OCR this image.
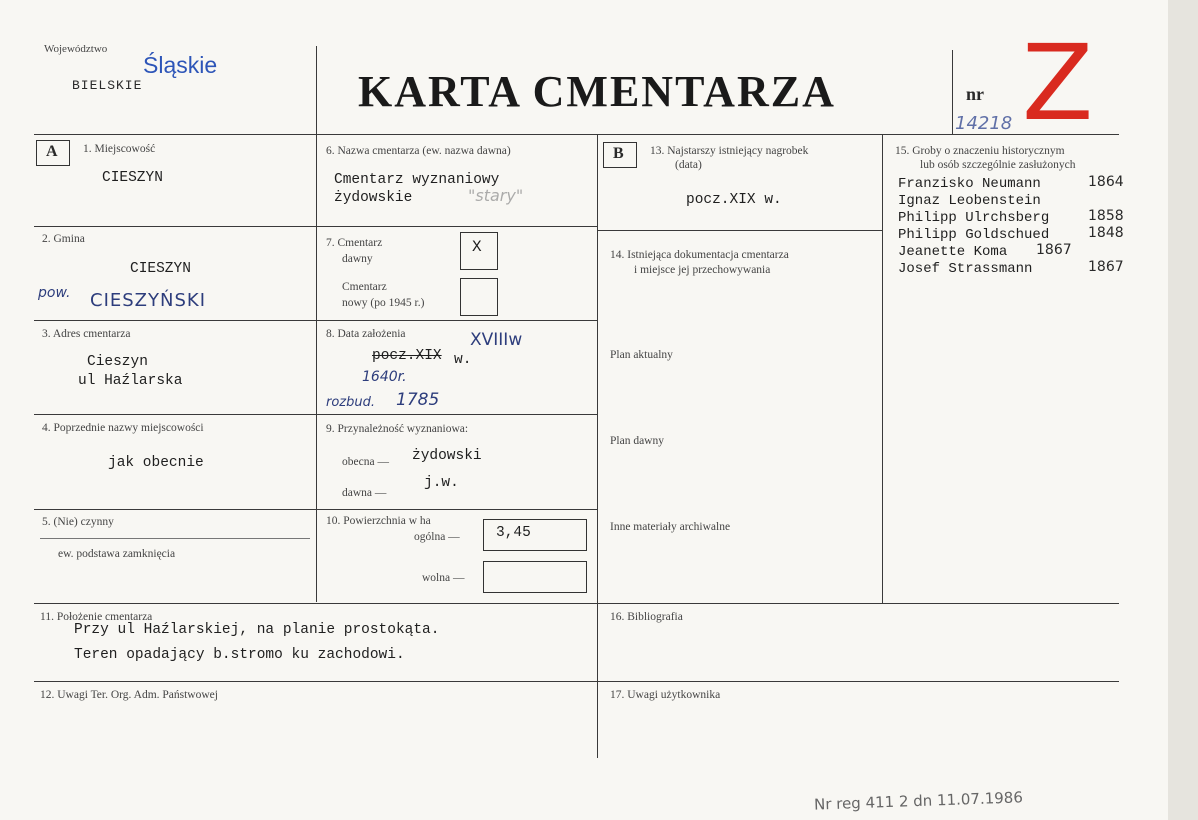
Województwo
Śląskie
BIELSKIE	KARTA CMENTARZA	nr Z
14218
A 1. Miejscowość
CIESZYN
2. Gmina
CIESZYN
pow. CIESZYŃSKI
3. Adres cmentarza
Cieszyn
ul Haźlarska
4. Poprzednie nazwy miejscowości
jak obecnie
5. (Nie) czynny
ew. podstawa zamknięcia
6. Nazwa cmentarza (ew. nazwa dawna)
Cmentarz wyznaniowy
żydowskie	"stary"
7. Cmentarz
dawny
X
Cmentarz
nowy (po 1945 r.)
8. Data założenia	XVIIIw
pocz.XIX w.
1640r.
rozbud. 1785
9. Przynależność wyznaniowa:
obecna — żydowski
dawna —
j.w.
10. Powierzchnia w ha
ogólna —	3,45
wolna —
B 13. Najstarszy istniejący nagrobek
(data)
pocz.XIX w.
14. Istniejąca dokumentacja cmentarza
i miejsce jej przechowywania
Plan aktualny
Plan dawny
Inne materiały archiwalne
15. Groby o znaczeniu historycznym
lub osób szczególnie zasłużonych
Franzisko Neumann	1864
Ignaz Leobenstein
Philipp Ulrchsberg	1858
Philipp Goldschued	1848
Jeanette Koma 1867
Josef Strassmann	1867
11. Położenie cmentarza
Przy ul Haźlarskiej, na planie prostokąta.
Teren opadający b.stromo ku zachodowi.
16. Bibliografia
12. Uwagi Ter. Org. Adm. Państwowej	17. Uwagi użytkownika
Nr reg 411 2 dn 11.07.1986
